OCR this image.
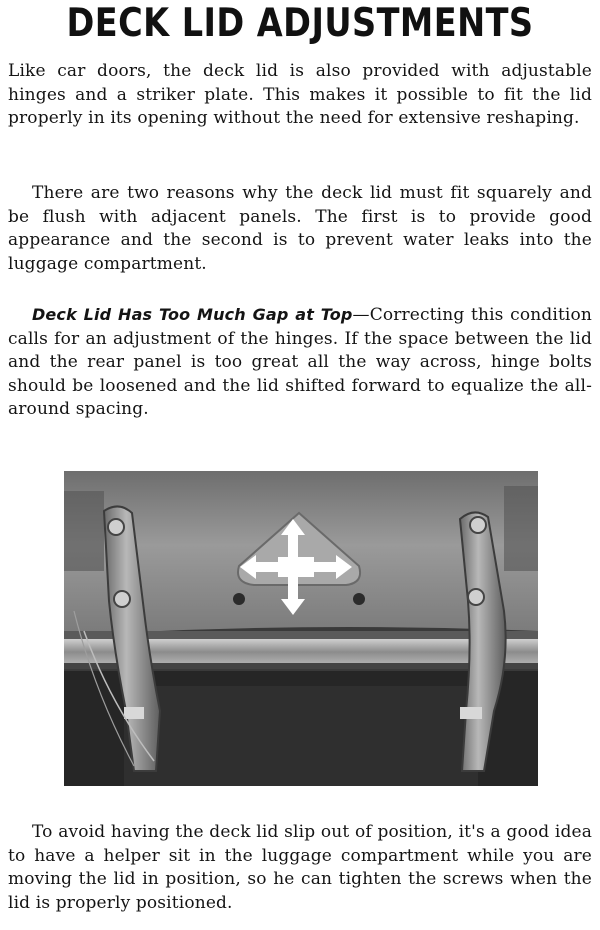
DECK LID ADJUSTMENTS

Like car doors, the deck lid is also provided with adjustable hinges and a striker plate. This makes it possible to fit the lid properly in its opening without the need for extensive reshaping.

There are two reasons why the deck lid must fit squarely and be flush with adjacent panels. The first is to provide good appearance and the second is to prevent water leaks into the luggage compartment.

Deck Lid Has Too Much Gap at Top—Correcting this condition calls for an adjustment of the hinges. If the space between the lid and the rear panel is too great all the way across, hinge bolts should be loosened and the lid shifted forward to equalize the all-around spacing.

To avoid having the deck lid slip out of position, it's a good idea to have a helper sit in the luggage compartment while you are moving the lid in position, so he can tighten the screws when the lid is properly positioned.
